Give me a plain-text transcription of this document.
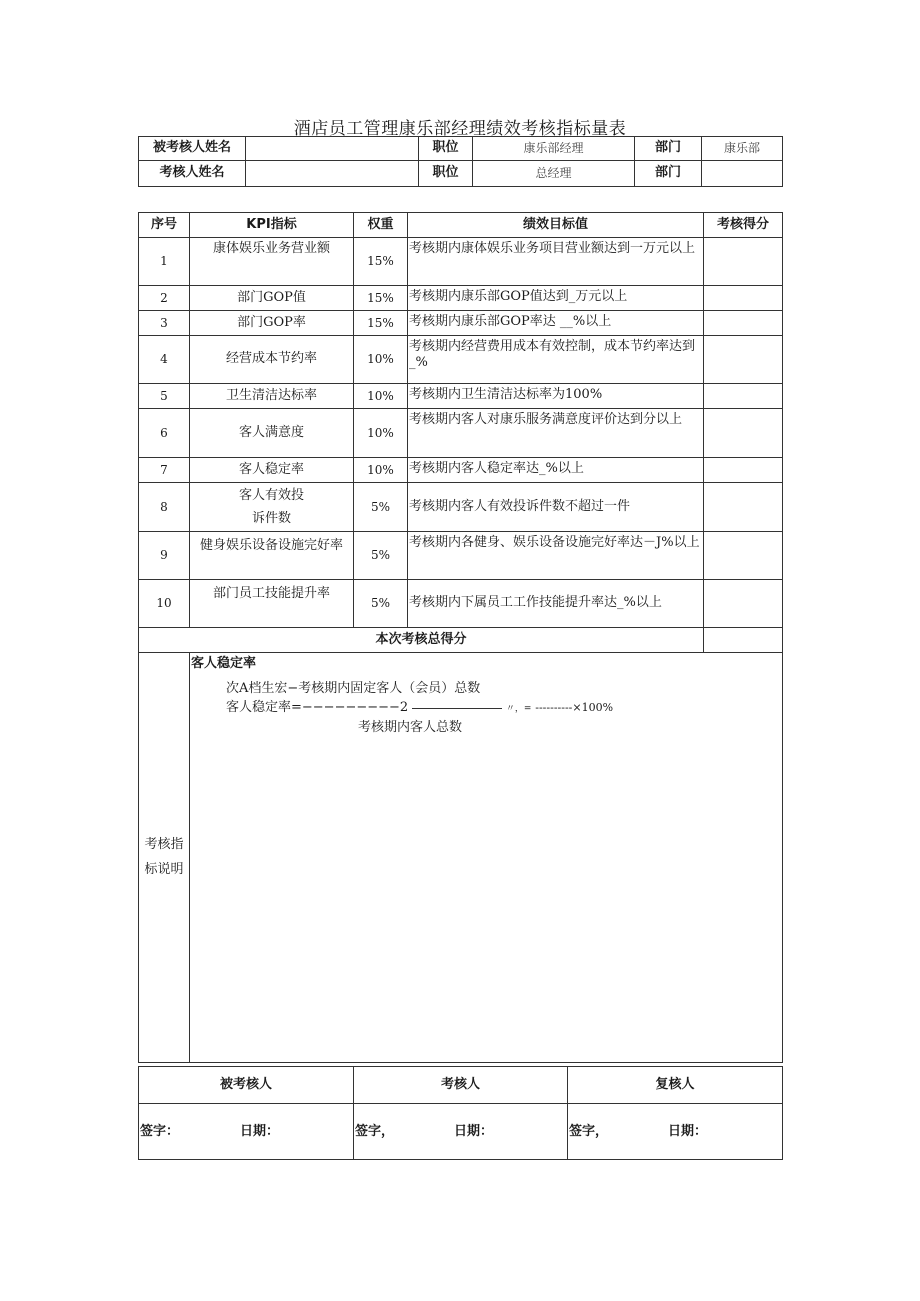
酒店员工管理康乐部经理绩效考核指标量表
被考核人姓名		职位	康乐部经理	部门	康乐部
考核人姓名		职位	总经理	部门	
序号	KPI指标	权重	绩效目标值	考核得分
1	康体娱乐业务营业额	15%	考核期内康体娱乐业务项目营业额达到一万元以上	
2	部门GOP值	15%	考核期内康乐部GOP值达到_万元以上	
3	部门GOP率	15%	考核期内康乐部GOP率达 __%以上	
4	经营成本节约率	10%	考核期内经营费用成本有效控制，成本节约率达到_%	
5	卫生清洁达标率	10%	考核期内卫生清洁达标率为100%	
6	客人满意度	10%	考核期内客人对康乐服务满意度评价达到分以上	
7	客人稳定率	10%	考核期内客人稳定率达_%以上	
8	客人有效投诉件数	5%	考核期内客人有效投诉件数不超过一件	
9	健身娱乐设备设施完好率	5%	考核期内各健身、娱乐设备设施完好率达－J%以上	
10	部门员工技能提升率	5%	考核期内下属员工工作技能提升率达_%以上	
本次考核总得分				
考核指标说明	客人稳定率
次A档生宏−考核期内固定客人（会员）总数
客人稳定率=−−−−−−−−−2 〃，= ----------×100%
考核期内客人总数			
被考核人	考核人	复核人

签字： 日期：	签字， 日期：	签字， 日期：
